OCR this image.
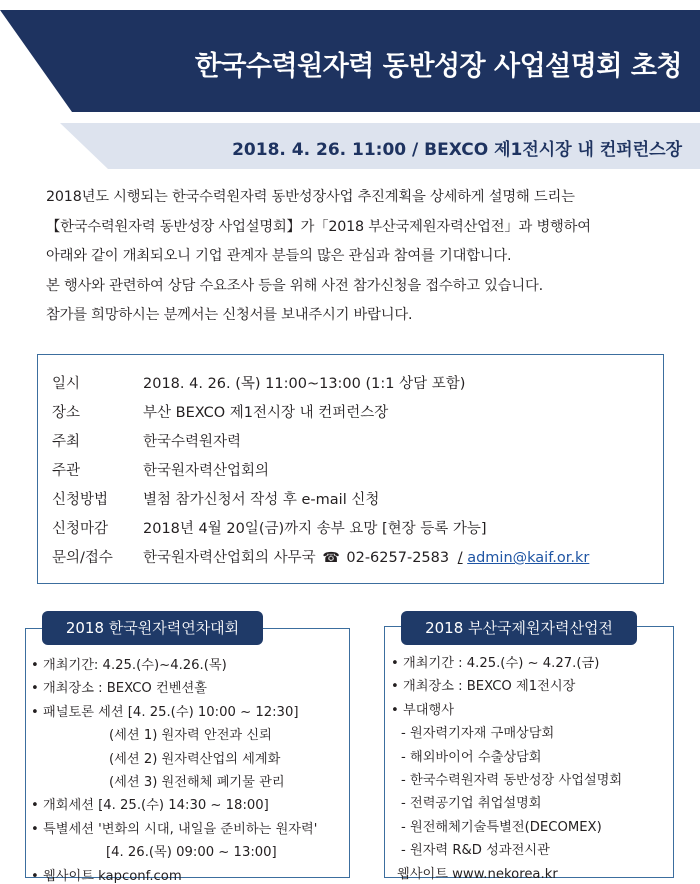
한국수력원자력 동반성장 사업설명회 초청
2018. 4. 26. 11:00 / BEXCO 제1전시장 내 컨퍼런스장

2018년도 시행되는 한국수력원자력 동반성장사업 추진계획을 상세하게 설명해 드리는

【한국수력원자력 동반성장 사업설명회】가「2018 부산국제원자력산업전」과 병행하여

아래와 같이 개최되오니 기업 관계자 분들의 많은 관심과 참여를 기대합니다.

본 행사와 관련하여 상담 수요조사 등을 위해 사전 참가신청을 접수하고 있습니다.

참가를 희망하시는 분께서는 신청서를 보내주시기 바랍니다.

일시	2018. 4. 26. (목) 11:00~13:00 (1:1 상담 포함)
장소	부산 BEXCO 제1전시장 내 컨퍼런스장
주최	한국수력원자력
주관	한국원자력산업회의
신청방법 별첨 참가신청서 작성 후 e-mail 신청
신청마감 2018년 4월 20일(금)까지 송부 요망 [현장 등록 가능]
문의/접수 한국원자력산업회의 사무국 ☎ 02-6257-2583 / admin@kaif.or.kr
• 개최기간: 4.25.(수)~4.26.(목)
• 개최장소 : BEXCO 컨벤션홀
• 패널토론 세션 [4. 25.(수) 10:00 ~ 12:30]
(세션 1) 원자력 안전과 신뢰
(세션 2) 원자력산업의 세계화
(세션 3) 원전해체 폐기물 관리
• 개회세션 [4. 25.(수) 14:30 ~ 18:00]
• 특별세션 '변화의 시대, 내일을 준비하는 원자력'
[4. 26.(목) 09:00 ~ 13:00]
• 웹사이트 kapconf.com
2018 한국원자력연차대회
• 개최기간 : 4.25.(수) ~ 4.27.(금)
• 개최장소 : BEXCO 제1전시장
• 부대행사
- 원자력기자재 구매상담회
- 해외바이어 수출상담회
- 한국수력원자력 동반성장 사업설명회
- 전력공기업 취업설명회
- 원전해체기술특별전(DECOMEX)
- 원자력 R&D 성과전시관
웹사이트 www.nekorea.kr
2018 부산국제원자력산업전
